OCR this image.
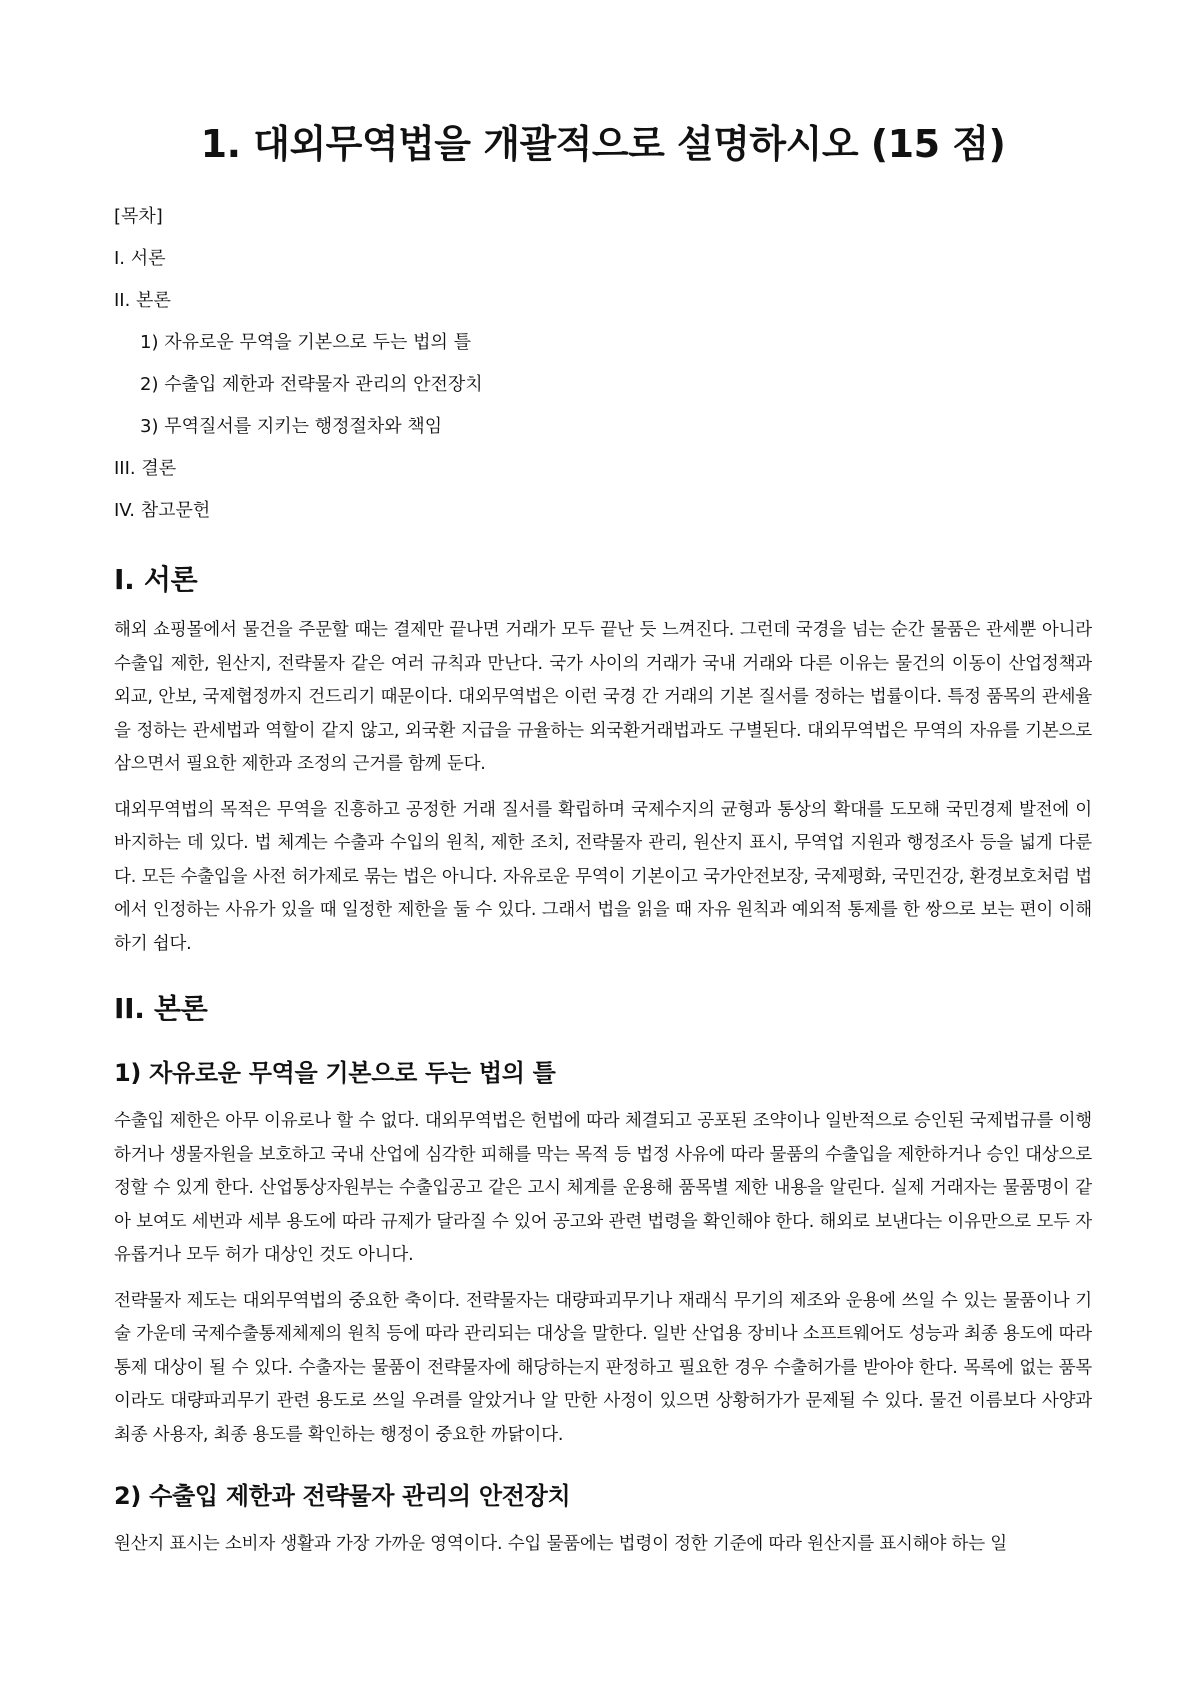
1. 대외무역법을 개괄적으로 설명하시오 (15 점)

[목차]

I. 서론

II. 본론

1) 자유로운 무역을 기본으로 두는 법의 틀

2) 수출입 제한과 전략물자 관리의 안전장치

3) 무역질서를 지키는 행정절차와 책임

III. 결론

IV. 참고문헌

I. 서론

해외 쇼핑몰에서 물건을 주문할 때는 결제만 끝나면 거래가 모두 끝난 듯 느껴진다. 그런데 국경을 넘는 순간 물품은 관세뿐 아니라 수출입 제한, 원산지, 전략물자 같은 여러 규칙과 만난다. 국가 사이의 거래가 국내 거래와 다른 이유는 물건의 이동이 산업정책과 외교, 안보, 국제협정까지 건드리기 때문이다. 대외무역법은 이런 국경 간 거래의 기본 질서를 정하는 법률이다. 특정 품목의 관세율을 정하는 관세법과 역할이 같지 않고, 외국환 지급을 규율하는 외국환거래법과도 구별된다. 대외무역법은 무역의 자유를 기본으로 삼으면서 필요한 제한과 조정의 근거를 함께 둔다.

대외무역법의 목적은 무역을 진흥하고 공정한 거래 질서를 확립하며 국제수지의 균형과 통상의 확대를 도모해 국민경제 발전에 이바지하는 데 있다. 법 체계는 수출과 수입의 원칙, 제한 조치, 전략물자 관리, 원산지 표시, 무역업 지원과 행정조사 등을 넓게 다룬다. 모든 수출입을 사전 허가제로 묶는 법은 아니다. 자유로운 무역이 기본이고 국가안전보장, 국제평화, 국민건강, 환경보호처럼 법에서 인정하는 사유가 있을 때 일정한 제한을 둘 수 있다. 그래서 법을 읽을 때 자유 원칙과 예외적 통제를 한 쌍으로 보는 편이 이해하기 쉽다.

II. 본론
1) 자유로운 무역을 기본으로 두는 법의 틀

수출입 제한은 아무 이유로나 할 수 없다. 대외무역법은 헌법에 따라 체결되고 공포된 조약이나 일반적으로 승인된 국제법규를 이행하거나 생물자원을 보호하고 국내 산업에 심각한 피해를 막는 목적 등 법정 사유에 따라 물품의 수출입을 제한하거나 승인 대상으로 정할 수 있게 한다. 산업통상자원부는 수출입공고 같은 고시 체계를 운용해 품목별 제한 내용을 알린다. 실제 거래자는 물품명이 같아 보여도 세번과 세부 용도에 따라 규제가 달라질 수 있어 공고와 관련 법령을 확인해야 한다. 해외로 보낸다는 이유만으로 모두 자유롭거나 모두 허가 대상인 것도 아니다.

전략물자 제도는 대외무역법의 중요한 축이다. 전략물자는 대량파괴무기나 재래식 무기의 제조와 운용에 쓰일 수 있는 물품이나 기술 가운데 국제수출통제체제의 원칙 등에 따라 관리되는 대상을 말한다. 일반 산업용 장비나 소프트웨어도 성능과 최종 용도에 따라 통제 대상이 될 수 있다. 수출자는 물품이 전략물자에 해당하는지 판정하고 필요한 경우 수출허가를 받아야 한다. 목록에 없는 품목이라도 대량파괴무기 관련 용도로 쓰일 우려를 알았거나 알 만한 사정이 있으면 상황허가가 문제될 수 있다. 물건 이름보다 사양과 최종 사용자, 최종 용도를 확인하는 행정이 중요한 까닭이다.

2) 수출입 제한과 전략물자 관리의 안전장치

원산지 표시는 소비자 생활과 가장 가까운 영역이다. 수입 물품에는 법령이 정한 기준에 따라 원산지를 표시해야 하는 일
